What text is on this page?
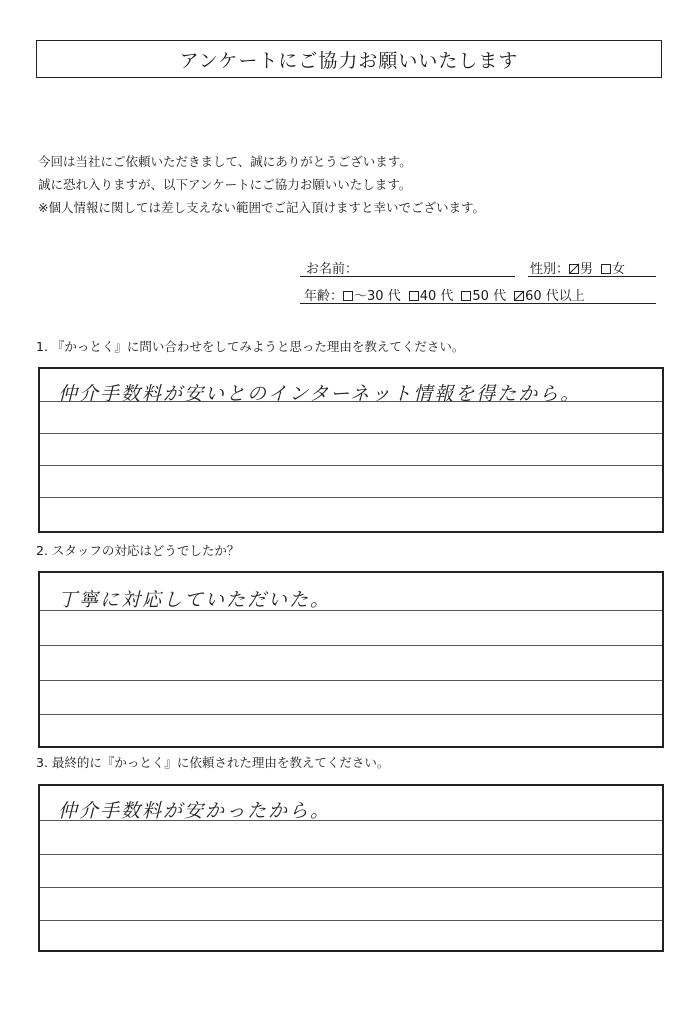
アンケートにご協力お願いいたします
今回は当社にご依頼いただきまして、誠にありがとうございます。
誠に恐れ入りますが、以下アンケートにご協力お願いいたします。
※個人情報に関しては差し支えない範囲でご記入頂けますと幸いでございます。
お名前：	性別： 男 女
年齢： ～30 代 40 代 50 代 60 代以上
1. 『かっとく』に問い合わせをしてみようと思った理由を教えてください。
仲介手数料が安いとのインターネット情報を得たから。
2. スタッフの対応はどうでしたか？
丁寧に対応していただいた。
3. 最終的に『かっとく』に依頼された理由を教えてください。
仲介手数料が安かったから。
